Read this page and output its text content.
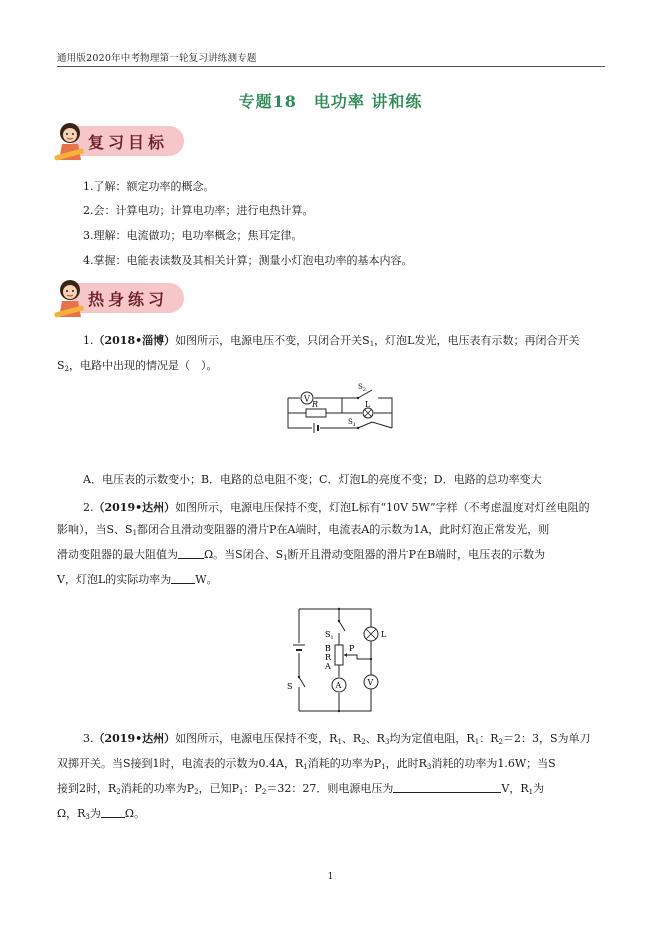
通用版2020年中考物理第一轮复习讲练测专题
专题18　电功率 讲和练
复习目标
1.了解：额定功率的概念。
2.会：计算电功；计算电功率；进行电热计算。
3.理解：电流做功；电功率概念；焦耳定律。
4.掌握：电能表读数及其相关计算；测量小灯泡电功率的基本内容。
热身练习
1.（2018•淄博）如图所示，电源电压不变，只闭合开关$S_1$，灯泡L发光，电压表有示数；再闭合开关
$S_2$，电路中出现的情况是（　）。
V
R	L
$S_2$
$S_1$
A．电压表的示数变小；B．电路的总电阻不变；C．灯泡L的亮度不变；D．电路的总功率变大
2.（2019•达州）如图所示，电源电压保持不变，灯泡L标有“10V 5W”字样（不考虑温度对灯丝电阻的
影响），当S、$S_1$都闭合且滑动变阻器的滑片P在A端时，电流表A的示数为1A，此时灯泡正常发光，则
滑动变阻器的最大阻值为 Ω。当S闭合、$S_1$断开且滑动变阻器的滑片P在B端时，电压表的示数为
V，灯泡L的实际功率为 W。
S
$S_1$
B
R
A
P
L
A	V
3.（2019•达州）如图所示，电源电压保持不变，$R_1$、$R_2$、$R_3$均为定值电阻，$R_1$：$R_2=2$：3，S为单刀
双掷开关。当S接到1时，电流表的示数为0.4A，$R_1$消耗的功率为$P_1$，此时$R_3$消耗的功率为1.6W；当S
接到2时，$R_2$消耗的功率为$P_2$，已知$P_1$：$P_2=32$：27．则电源电压为	V，$R_1$为
Ω，$R_3$为 Ω。
1
